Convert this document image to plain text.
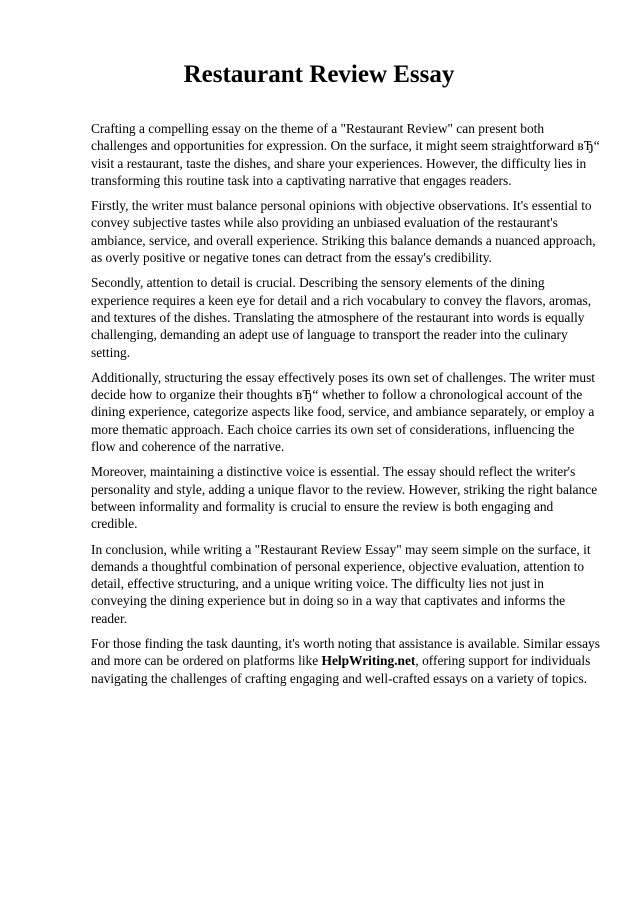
Restaurant Review Essay

Crafting a compelling essay on the theme of a "Restaurant Review" can present both challenges and opportunities for expression. On the surface, it might seem straightforward вЂ“ visit a restaurant, taste the dishes, and share your experiences. However, the difficulty lies in transforming this routine task into a captivating narrative that engages readers.

Firstly, the writer must balance personal opinions with objective observations. It's essential to convey subjective tastes while also providing an unbiased evaluation of the restaurant's ambiance, service, and overall experience. Striking this balance demands a nuanced approach, as overly positive or negative tones can detract from the essay's credibility.

Secondly, attention to detail is crucial. Describing the sensory elements of the dining experience requires a keen eye for detail and a rich vocabulary to convey the flavors, aromas, and textures of the dishes. Translating the atmosphere of the restaurant into words is equally challenging, demanding an adept use of language to transport the reader into the culinary setting.

Additionally, structuring the essay effectively poses its own set of challenges. The writer must decide how to organize their thoughts вЂ“ whether to follow a chronological account of the dining experience, categorize aspects like food, service, and ambiance separately, or employ a more thematic approach. Each choice carries its own set of considerations, influencing the flow and coherence of the narrative.

Moreover, maintaining a distinctive voice is essential. The essay should reflect the writer's personality and style, adding a unique flavor to the review. However, striking the right balance between informality and formality is crucial to ensure the review is both engaging and credible.

In conclusion, while writing a "Restaurant Review Essay" may seem simple on the surface, it demands a thoughtful combination of personal experience, objective evaluation, attention to detail, effective structuring, and a unique writing voice. The difficulty lies not just in conveying the dining experience but in doing so in a way that captivates and informs the reader.

For those finding the task daunting, it's worth noting that assistance is available. Similar essays and more can be ordered on platforms like HelpWriting.net, offering support for individuals navigating the challenges of crafting engaging and well-crafted essays on a variety of topics.
